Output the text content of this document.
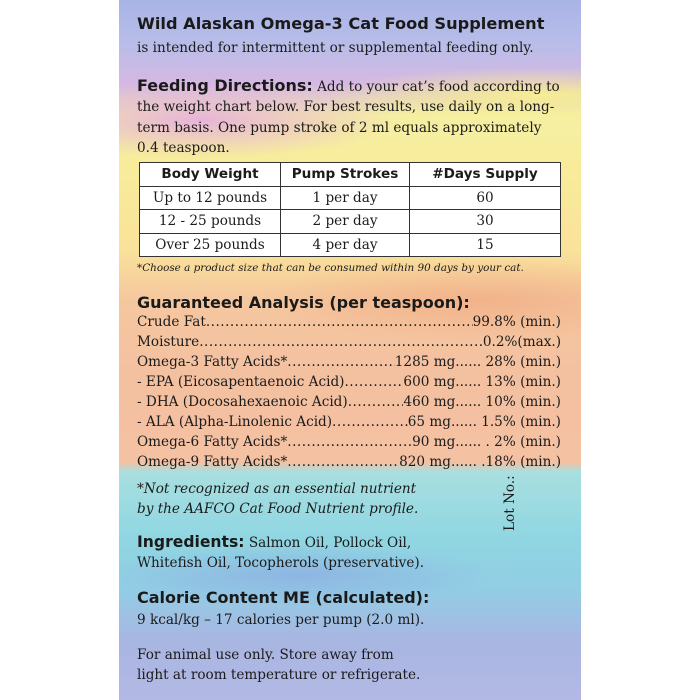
Wild Alaskan Omega-3 Cat Food Supplement
is intended for intermittent or supplemental feeding only.
Feeding Directions: Add to your cat’s food according to the weight chart below. For best results, use daily on a long-term basis. One pump stroke of 2 ml equals approximately 0.4 teaspoon.
Body Weight	Pump Strokes	#Days Supply
Up to 12 pounds	1 per day	60
12 - 25 pounds	2 per day	30
Over 25 pounds	4 per day	15
*Choose a product size that can be consumed within 90 days by your cat.
Guaranteed Analysis (per teaspoon):
Crude Fat .....	99.8% (min.)
Moisture .....	0.2%(max.)
Omega-3 Fatty Acids* .....	1285 mg...... 28% (min.)
- EPA (Eicosapentaenoic Acid) .....	600 mg...... 13% (min.)
- DHA (Docosahexaenoic Acid) .....	460 mg...... 10% (min.)
- ALA (Alpha-Linolenic Acid) .....	65 mg...... 1.5% (min.)
Omega-6 Fatty Acids* .....	90 mg...... . 2% (min.)
Omega-9 Fatty Acids* .....	820 mg...... .18% (min.)
*Not recognized as an essential nutrient
by the AAFCO Cat Food Nutrient profile.
Ingredients: Salmon Oil, Pollock Oil,
Whitefish Oil, Tocopherols (preservative).
Calorie Content ME (calculated):
9 kcal/kg – 17 calories per pump (2.0 ml).
For animal use only. Store away from
light at room temperature or refrigerate.
Lot No.:
